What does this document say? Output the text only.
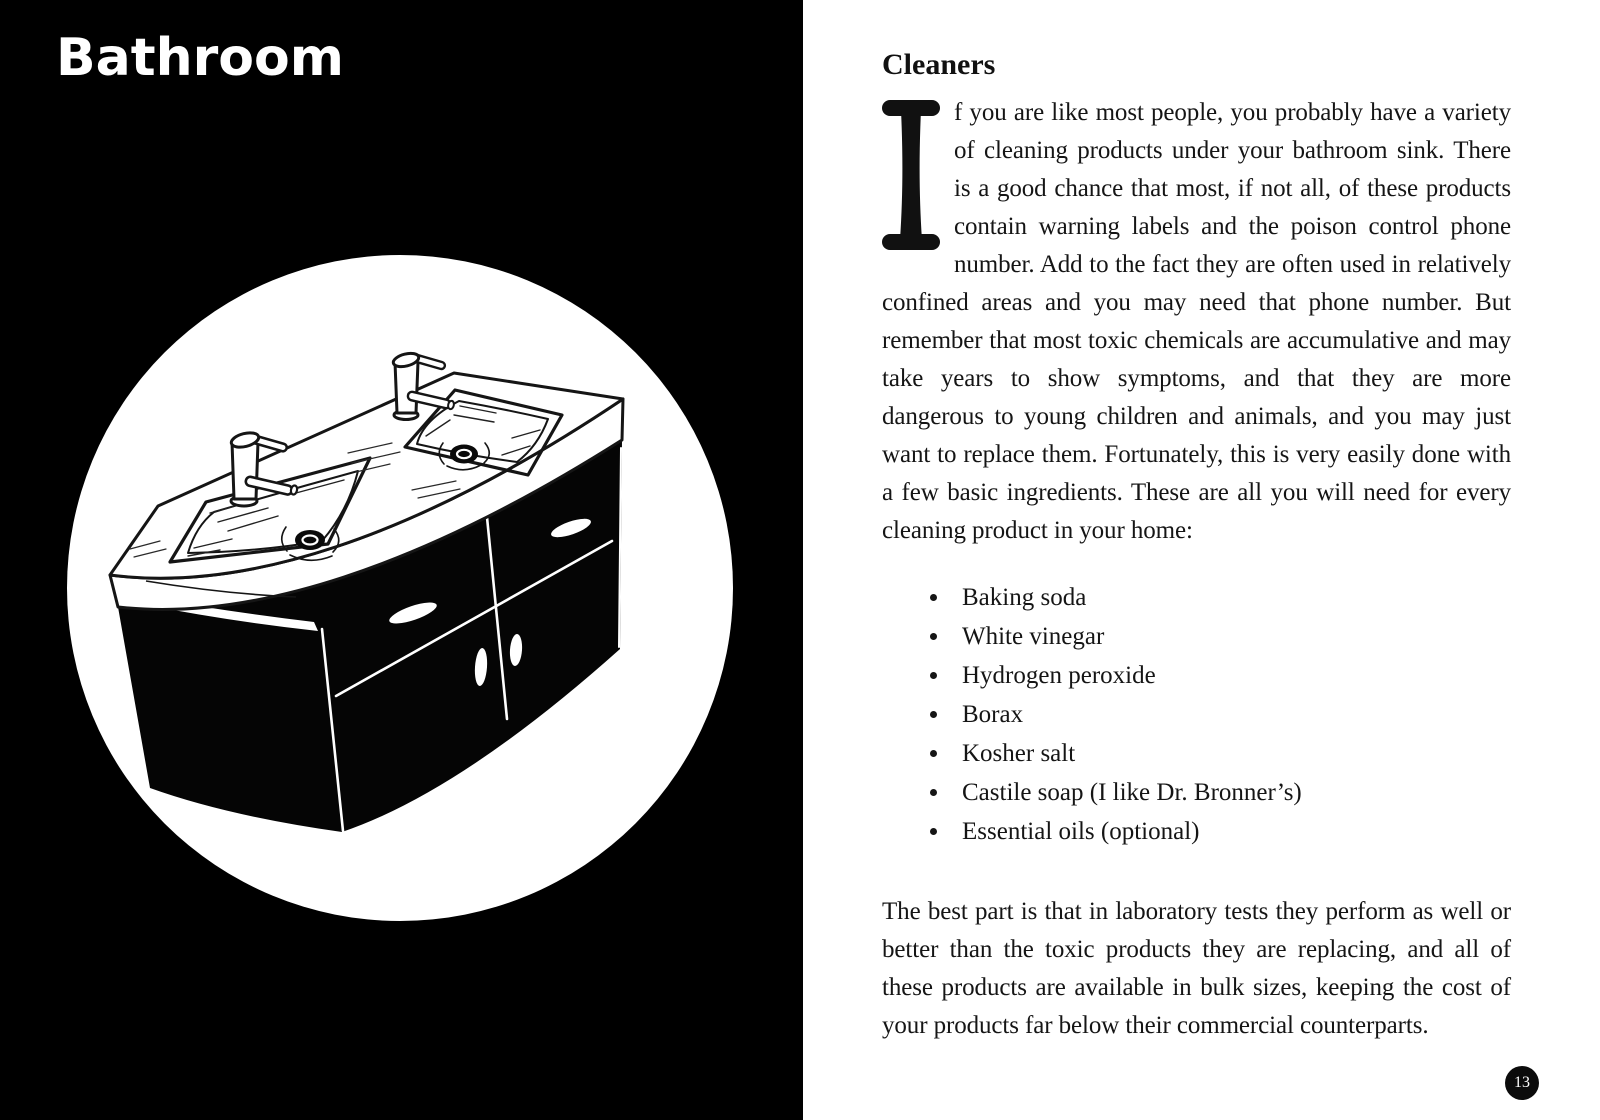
Bathroom	Cleaners

f you are like most people, you probably have a variety of cleaning products under your bathroom sink. There is a good chance that most, if not all, of these products contain warning labels and the poison control phone number. Add to the fact they are often used in relatively confined areas and you may need that phone number. But remember that most toxic chemicals are accumulative and may take years to show symptoms, and that they are more dangerous to young children and animals, and you may just want to replace them. Fortunately, this is very easily done with a few basic ingredients. These are all you will need for every cleaning product in your home:

Baking soda
White vinegar
Hydrogen peroxide
Borax
Kosher salt
Castile soap (I like Dr. Bronner’s)
Essential oils (optional)

The best part is that in laboratory tests they perform as well or better than the toxic products they are replacing, and all of these products are available in bulk sizes, keeping the cost of your products far below their commercial counterparts.

13
